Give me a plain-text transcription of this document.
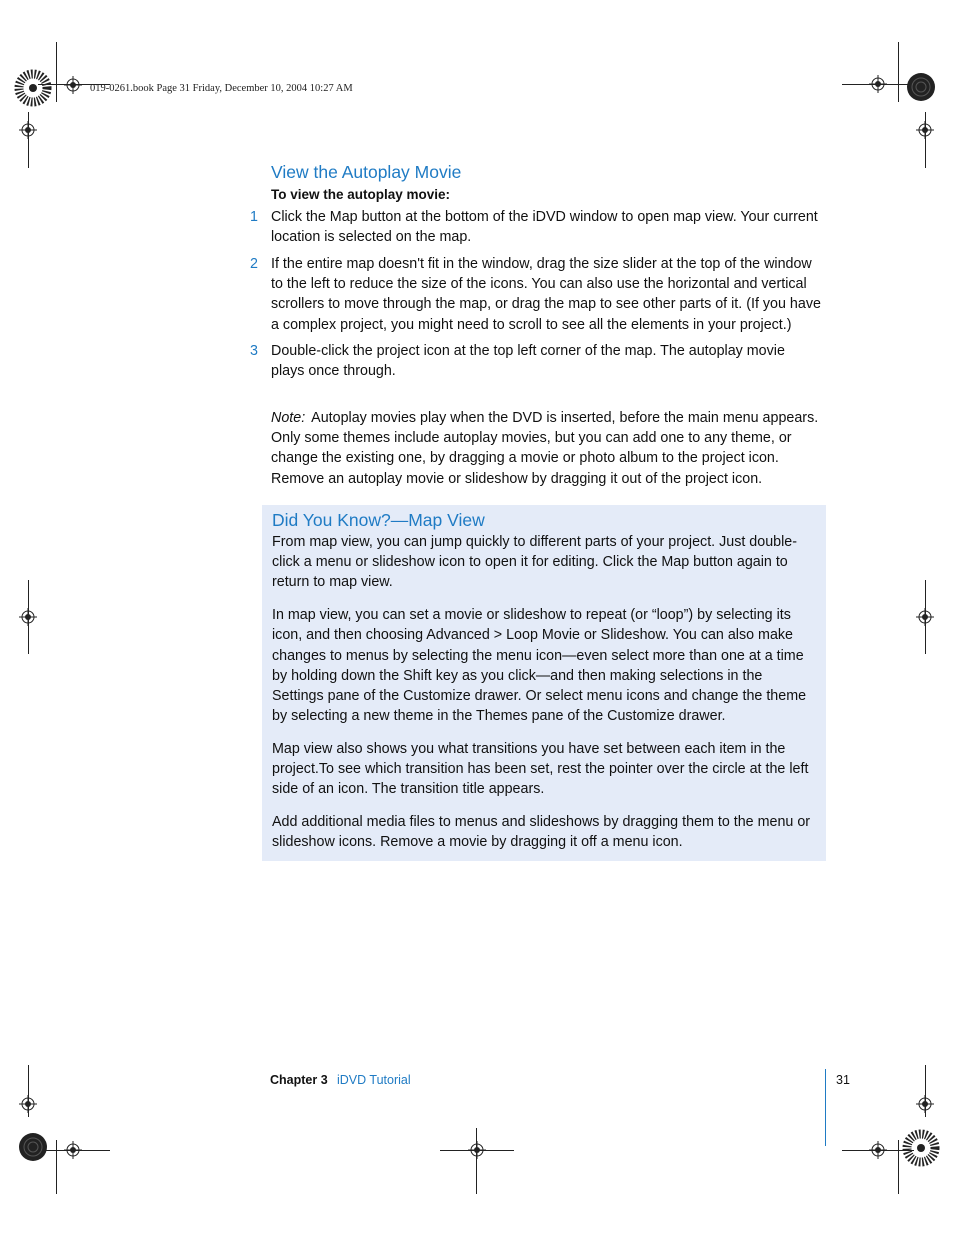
019-0261.book Page 31 Friday, December 10, 2004 10:27 AM
View the Autoplay Movie
To view the autoplay movie:
1 Click the Map button at the bottom of the iDVD window to open map view. Your current location is selected on the map.
2 If the entire map doesn't fit in the window, drag the size slider at the top of the window to the left to reduce the size of the icons. You can also use the horizontal and vertical scrollers to move through the map, or drag the map to see other parts of it. (If you have a complex project, you might need to scroll to see all the elements in your project.)
3 Double-click the project icon at the top left corner of the map. The autoplay movie plays once through.
Note: Autoplay movies play when the DVD is inserted, before the main menu appears. Only some themes include autoplay movies, but you can add one to any theme, or change the existing one, by dragging a movie or photo album to the project icon. Remove an autoplay movie or slideshow by dragging it out of the project icon.
Did You Know?—Map View

From map view, you can jump quickly to different parts of your project. Just double-click a menu or slideshow icon to open it for editing. Click the Map button again to return to map view.

In map view, you can set a movie or slideshow to repeat (or “loop”) by selecting its icon, and then choosing Advanced > Loop Movie or Slideshow. You can also make changes to menus by selecting the menu icon—even select more than one at a time by holding down the Shift key as you click—and then making selections in the Settings pane of the Customize drawer. Or select menu icons and change the theme by selecting a new theme in the Themes pane of the Customize drawer.

Map view also shows you what transitions you have set between each item in the project.To see which transition has been set, rest the pointer over the circle at the left side of an icon. The transition title appears.

Add additional media files to menus and slideshows by dragging them to the menu or slideshow icons. Remove a movie by dragging it off a menu icon.

Chapter 3 iDVD Tutorial	31
